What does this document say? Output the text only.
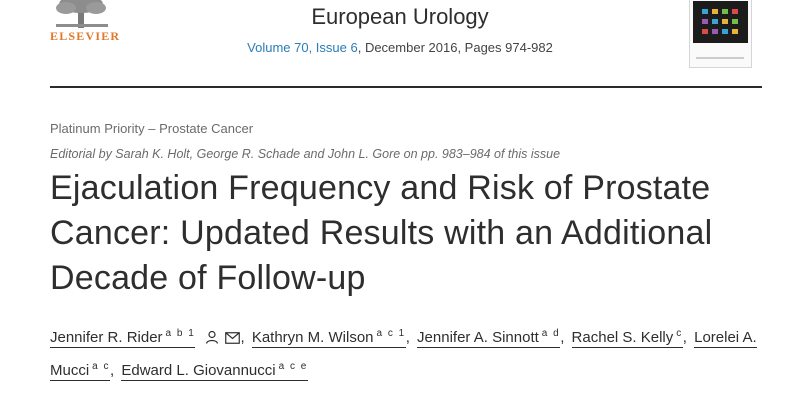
ELSEVIER
European Urology
Volume 70, Issue 6, December 2016, Pages 974-982
Platinum Priority – Prostate Cancer
Editorial by Sarah K. Holt, George R. Schade and John L. Gore on pp. 983–984 of this issue
Ejaculation Frequency and Risk of Prostate Cancer: Updated Results with an Additional Decade of Follow-up
Jennifer R. Rider $^{a b 1}$	, Kathryn M. Wilson $^{a c 1}$, Jennifer A. Sinnott $^{a d}$, Rachel S. Kelly $^c$, Lorelei A. Mucci $^{a c}$, Edward L. Giovannucci $^{a c e}$
